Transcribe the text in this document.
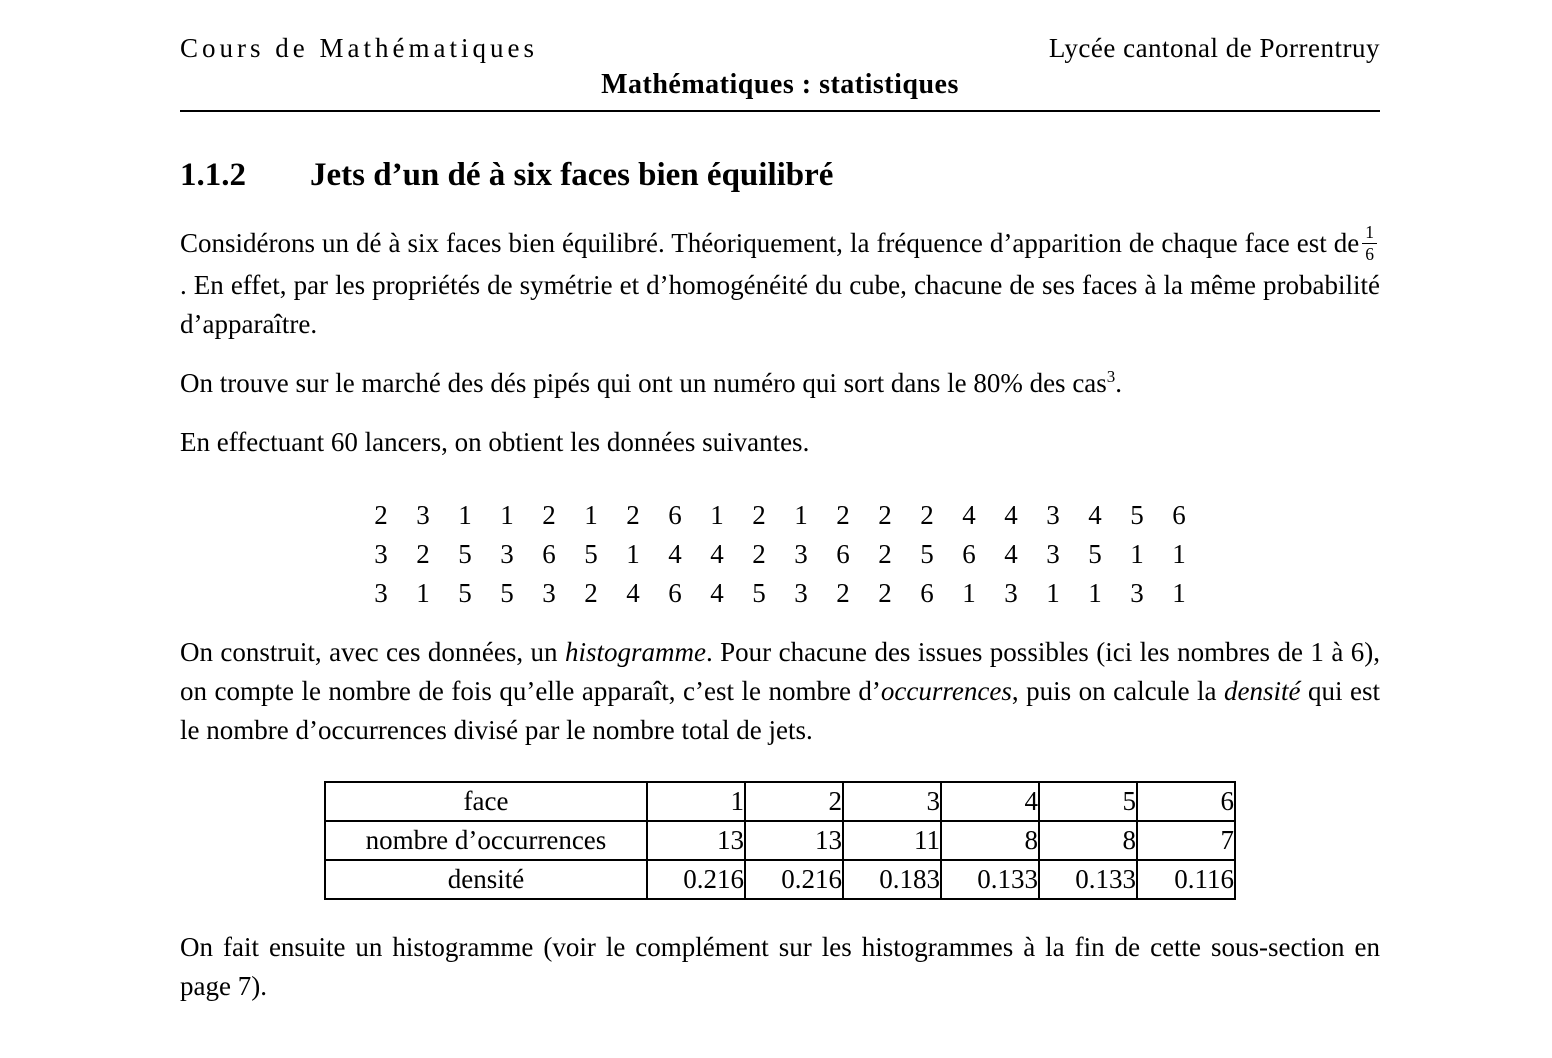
Cours de Mathématiques	Lycée cantonal de Porrentruy
Mathématiques : statistiques
1.1.2	Jets d’un dé à six faces bien équilibré

Considérons un dé à six faces bien équilibré. Théoriquement, la fréquence d’apparition de chaque face est de $\frac{1}{6}$
. En effet, par les propriétés de symétrie et d’homogénéité du cube, chacune de ses faces à la même probabilité d’apparaître.

On trouve sur le marché des dés pipés qui ont un numéro qui sort dans le 80% des cas$^3$.

En effectuant 60 lancers, on obtient les données suivantes.

2	3	1	1	2	1	2	6	1	2	1	2	2	2	4	4	3	4	5	6
3	2	5	3	6	5	1	4	4	2	3	6	2	5	6	4	3	5	1	1
3	1	5	5	3	2	4	6	4	5	3	2	2	6	1	3	1	1	3	1

On construit, avec ces données, un histogramme. Pour chacune des issues possibles (ici les nombres de 1 à 6), on compte le nombre de fois qu’elle apparaît, c’est le nombre d’occurrences, puis on calcule la densité qui est le nombre d’occurrences divisé par le nombre total de jets.

face	1	2	3	4	5	6
nombre d’occurrences	13	13	11	8	8	7
densité	0.216	0.216	0.183	0.133	0.133	0.116

On fait ensuite un histogramme (voir le complément sur les histogrammes à la fin de cette sous-section en page 7).
